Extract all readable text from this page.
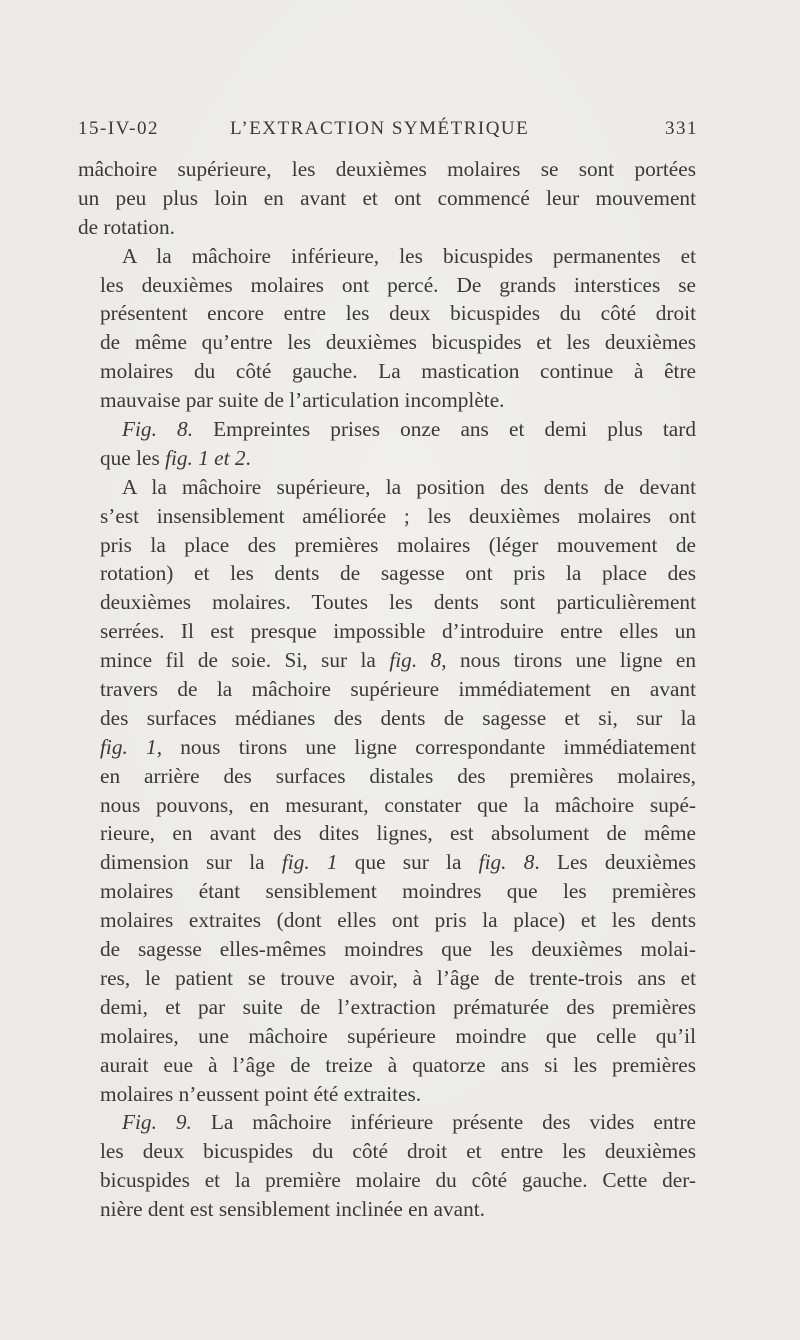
15-IV-02	L’EXTRACTION SYMÉTRIQUE	331
mâchoire supérieure, les deuxièmes molaires se sont portées
un peu plus loin en avant et ont commencé leur mouvement
de rotation.
A la mâchoire inférieure, les bicuspides permanentes et
les deuxièmes molaires ont percé. De grands interstices se
présentent encore entre les deux bicuspides du côté droit
de même qu’entre les deuxièmes bicuspides et les deuxièmes
molaires du côté gauche. La mastication continue à être
mauvaise par suite de l’articulation incomplète.
Fig. 8. Empreintes prises onze ans et demi plus tard
que les fig. 1 et 2.
A la mâchoire supérieure, la position des dents de devant
s’est insensiblement améliorée ; les deuxièmes molaires ont
pris la place des premières molaires (léger mouvement de
rotation) et les dents de sagesse ont pris la place des
deuxièmes molaires. Toutes les dents sont particulièrement
serrées. Il est presque impossible d’introduire entre elles un
mince fil de soie. Si, sur la fig. 8, nous tirons une ligne en
travers de la mâchoire supérieure immédiatement en avant
des surfaces médianes des dents de sagesse et si, sur la
fig. 1, nous tirons une ligne correspondante immédiatement
en arrière des surfaces distales des premières molaires,
nous pouvons, en mesurant, constater que la mâchoire supé-
rieure, en avant des dites lignes, est absolument de même
dimension sur la fig. 1 que sur la fig. 8. Les deuxièmes
molaires étant sensiblement moindres que les premières
molaires extraites (dont elles ont pris la place) et les dents
de sagesse elles-mêmes moindres que les deuxièmes molai-
res, le patient se trouve avoir, à l’âge de trente-trois ans et
demi, et par suite de l’extraction prématurée des premières
molaires, une mâchoire supérieure moindre que celle qu’il
aurait eue à l’âge de treize à quatorze ans si les premières
molaires n’eussent point été extraites.
Fig. 9. La mâchoire inférieure présente des vides entre
les deux bicuspides du côté droit et entre les deuxièmes
bicuspides et la première molaire du côté gauche. Cette der-
nière dent est sensiblement inclinée en avant.
